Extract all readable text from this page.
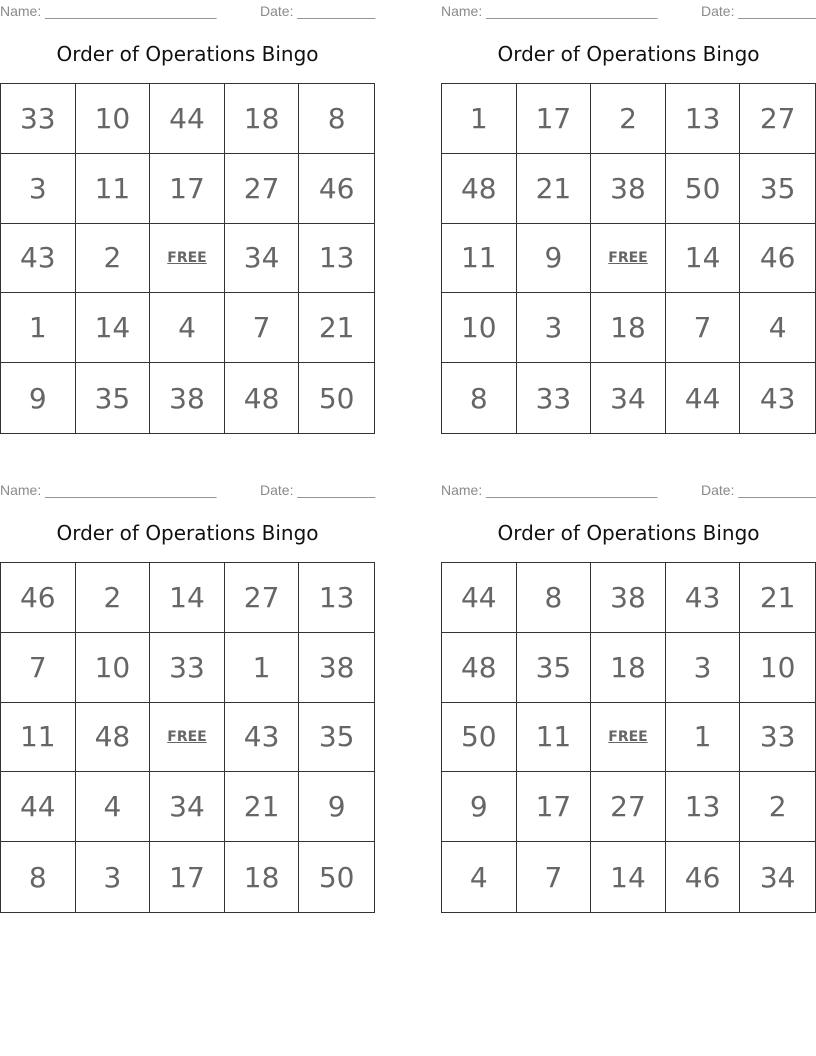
Name: ______________________	Date: __________
Order of Operations Bingo
33	10	44	18	8
3	11	17	27	46
43	2	FREE	34	13
1	14	4	7	21
9	35	38	48	50
Name: ______________________	Date: __________
Order of Operations Bingo
1	17	2	13	27
48	21	38	50	35
11	9	FREE	14	46
10	3	18	7	4
8	33	34	44	43
Name: ______________________	Date: __________
Order of Operations Bingo
46	2	14	27	13
7	10	33	1	38
11	48	FREE	43	35
44	4	34	21	9
8	3	17	18	50
Name: ______________________	Date: __________
Order of Operations Bingo
44	8	38	43	21
48	35	18	3	10
50	11	FREE	1	33
9	17	27	13	2
4	7	14	46	34
